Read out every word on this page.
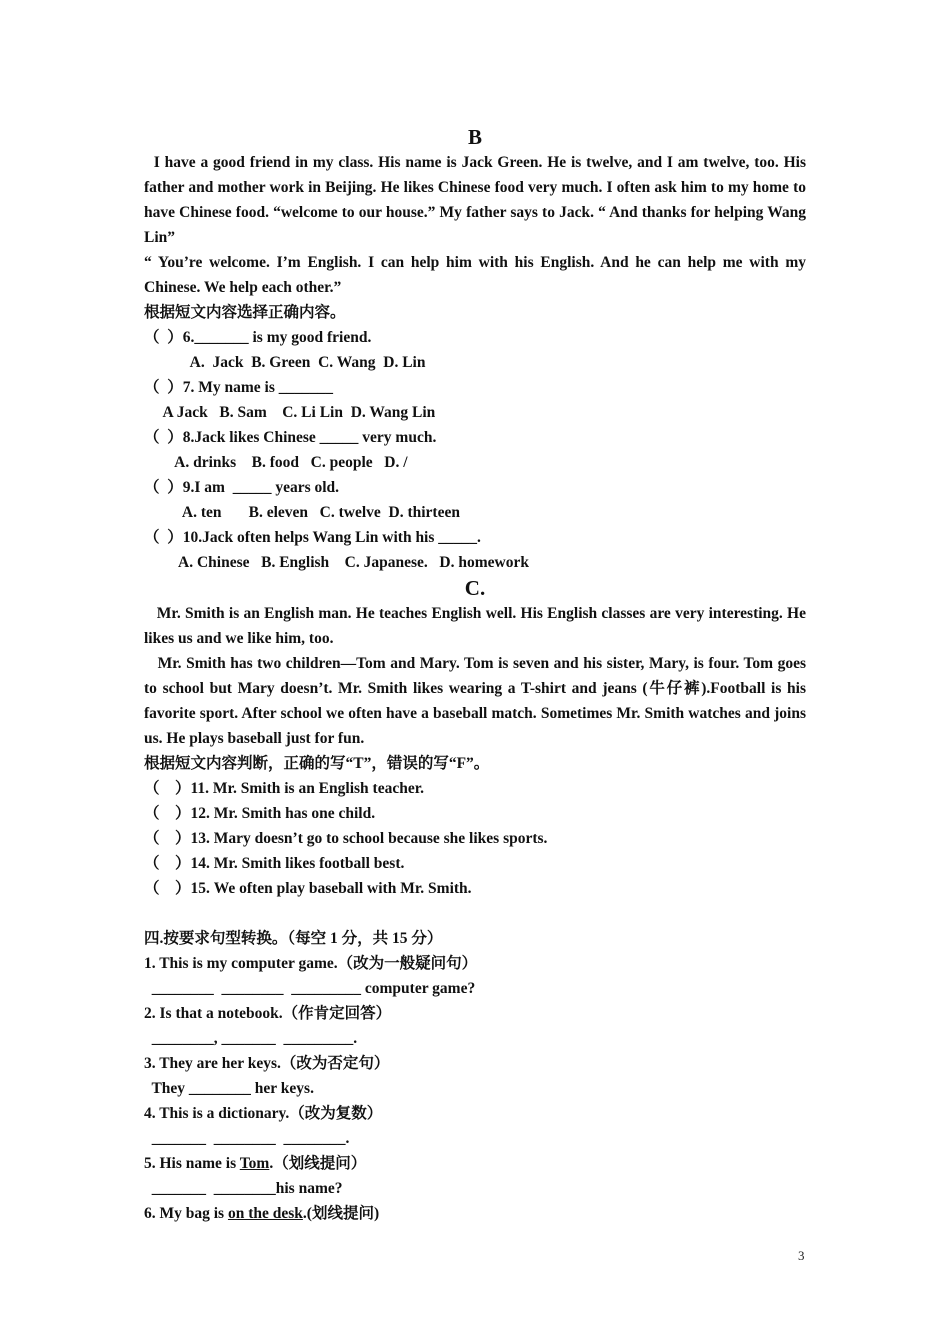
B
I have a good friend in my class. His name is Jack Green. He is twelve, and I am twelve, too. His father and mother work in Beijing. He likes Chinese food very much. I often ask him to my home to have Chinese food. “welcome to our house.” My father says to Jack. “ And thanks for helping Wang Lin”
“ You’re welcome. I’m English. I can help him with his English. And he can help me with my Chinese. We help each other.”
根据短文内容选择正确内容。
（  ）6._______ is my good friend.
A.  Jack  B. Green  C. Wang  D. Lin
（  ）7. My name is _______
A Jack   B. Sam    C. Li Lin  D. Wang Lin
（  ）8.Jack likes Chinese _____ very much.
A. drinks    B. food   C. people   D. /
（  ）9.I am  _____ years old.
A. ten       B. eleven   C. twelve  D. thirteen
（  ）10.Jack often helps Wang Lin with his _____.
A. Chinese   B. English    C. Japanese.   D. homework
C.
Mr. Smith is an English man. He teaches English well. His English classes are very interesting. He likes us and we like him, too.
Mr. Smith has two children—Tom and Mary. Tom is seven and his sister, Mary, is four. Tom goes to school but Mary doesn’t. Mr. Smith likes wearing a T-shirt and jeans (牛仔裤).Football is his favorite sport. After school we often have a baseball match. Sometimes Mr. Smith watches and joins us. He plays baseball just for fun.
根据短文内容判断，正确的写“T”，错误的写“F”。
（    ）11. Mr. Smith is an English teacher.
（    ）12. Mr. Smith has one child.
（    ）13. Mary doesn’t go to school because she likes sports.
（    ）14. Mr. Smith likes football best.
（    ）15. We often play baseball with Mr. Smith.
四.按要求句型转换。（每空 1 分，共 15 分）
1. This is my computer game.（改为一般疑问句）
________  ________  _________ computer game?
2. Is that a notebook.（作肯定回答）
________, _______  _________.
3. They are her keys.（改为否定句）
They ________ her keys.
4. This is a dictionary.（改为复数）
_______  ________  ________.
5. His name is Tom.（划线提问）
_______  ________his name?
6. My bag is on the desk.(划线提问)
3
